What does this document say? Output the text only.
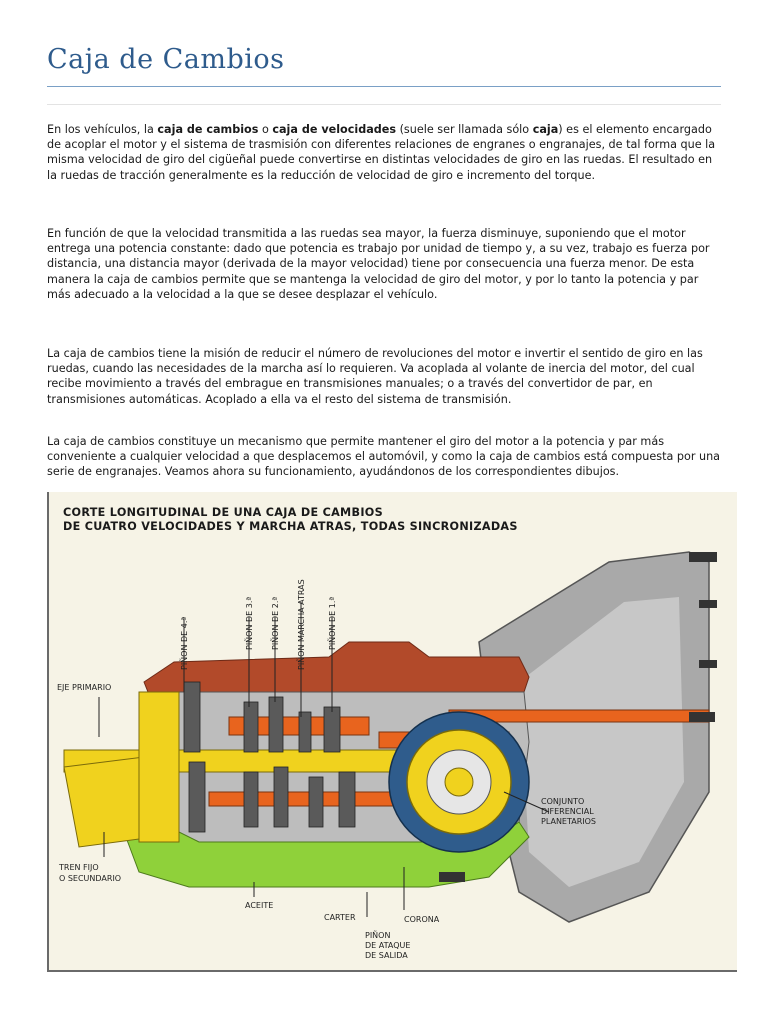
Caja de Cambios

En los vehículos, la caja de cambios o caja de velocidades (suele ser llamada sólo caja) es el elemento encargado de acoplar el motor y el sistema de trasmisión con diferentes relaciones de engranes o engranajes, de tal forma que la misma velocidad de giro del cigüeñal puede convertirse en distintas velocidades de giro en las ruedas. El resultado en la ruedas de tracción generalmente es la reducción de velocidad de giro e incremento del torque.

En función de que la velocidad transmitida a las ruedas sea mayor, la fuerza disminuye, suponiendo que el motor entrega una potencia constante: dado que potencia es trabajo por unidad de tiempo y, a su vez, trabajo es fuerza por distancia, una distancia mayor (derivada de la mayor velocidad) tiene por consecuencia una fuerza menor. De esta manera la caja de cambios permite que se mantenga la velocidad de giro del motor, y por lo tanto la potencia y par más adecuado a la velocidad a la que se desee desplazar el vehículo.

La caja de cambios tiene la misión de reducir el número de revoluciones del motor e invertir el sentido de giro en las ruedas, cuando las necesidades de la marcha así lo requieren. Va acoplada al volante de inercia del motor, del cual recibe movimiento a través del embrague en transmisiones manuales; o a través del convertidor de par, en transmisiones automáticas. Acoplado a ella va el resto del sistema de transmisión.

La caja de cambios constituye un mecanismo que permite mantener el giro del motor a la potencia y par más conveniente a cualquier velocidad a que desplacemos el automóvil, y como la caja de cambios está compuesta por una serie de engranajes. Veamos ahora su funcionamiento, ayudándonos de los correspondientes dibujos.

PIÑON DE 4.ª	PIÑON DE 3.ª PIÑON DE 2.ª PIÑON MARCHA ATRAS	PIÑON DE 1.ª
EJE PRIMARIO
CONJUNTO
DIFERENCIAL
PLANETARIOS
TREN FIJO
O SECUNDARIO
ACEITE
CARTER	CORONA
PIÑON
DE ATAQUE
DE SALIDA

CORTE LONGITUDINAL DE UNA CAJA DE CAMBIOS

DE CUATRO VELOCIDADES Y MARCHA ATRAS, TODAS SINCRONIZADAS
